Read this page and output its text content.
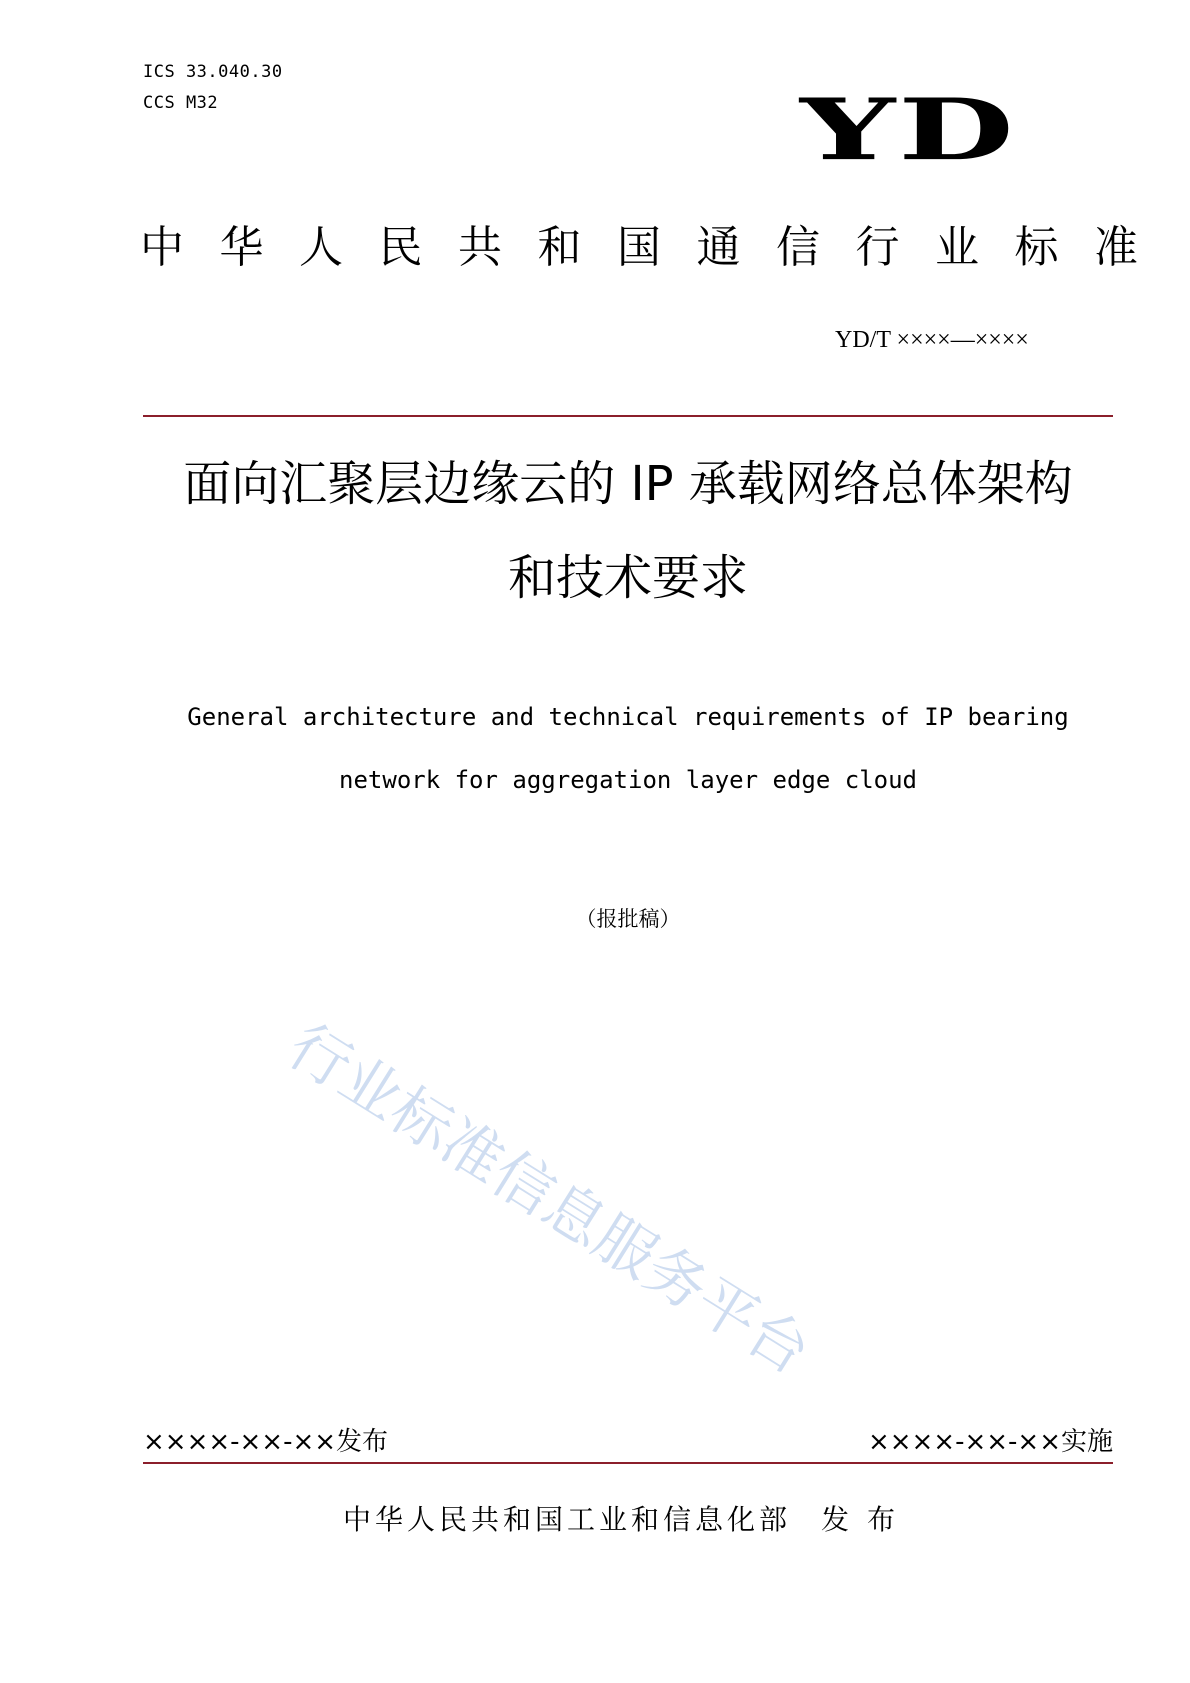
ICS 33.040.30
CCS M32	YD
中华人民共和国通信行业标准
YD/T ××××—××××
面向汇聚层边缘云的 IP 承载网络总体架构
和技术要求
General architecture and technical requirements of IP bearing
network for aggregation layer edge cloud
（报批稿）
行业标准信息服务平台
××××-××-××发布	××××-××-××实施
中华人民共和国工业和信息化部 发布
